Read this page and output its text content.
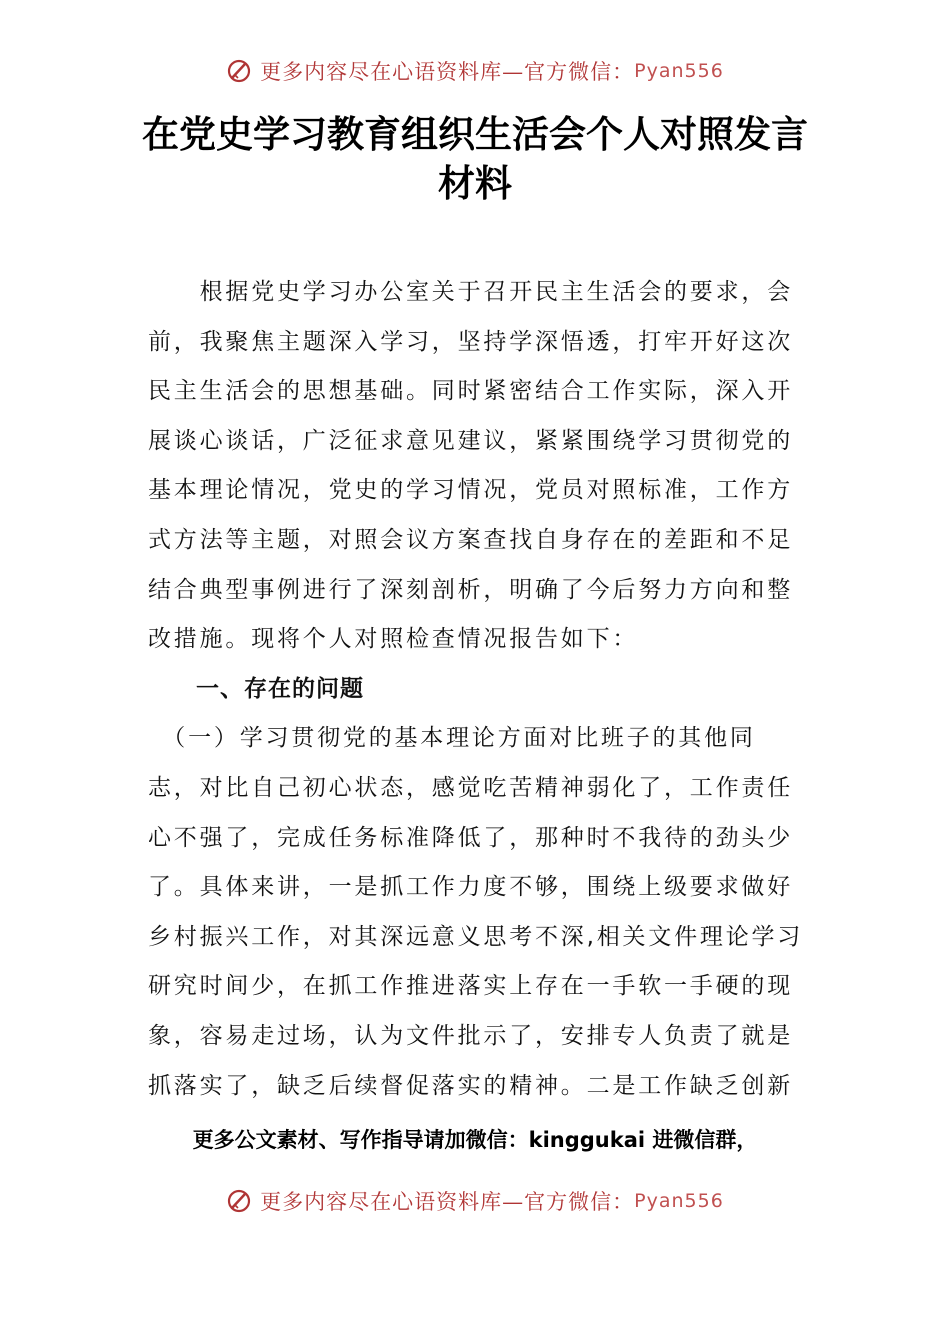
更多内容尽在心语资料库—官方微信： Pyan556
在党史学习教育组织生活会个人对照发言
材料
　　根据党史学习办公室关于召开民主生活会的要求，会
前，我聚焦主题深入学习，坚持学深悟透，打牢开好这次
民主生活会的思想基础。同时紧密结合工作实际，深入开
展谈心谈话，广泛征求意见建议，紧紧围绕学习贯彻党的
基本理论情况，党史的学习情况，党员对照标准，工作方
式方法等主题，对照会议方案查找自身存在的差距和不足
结合典型事例进行了深刻剖析，明确了今后努力方向和整
改措施。现将个人对照检查情况报告如下：
　　一、存在的问题
　（一）学习贯彻党的基本理论方面对比班子的其他同
志，对比自己初心状态，感觉吃苦精神弱化了，工作责任
心不强了，完成任务标准降低了，那种时不我待的劲头少
了。具体来讲，一是抓工作力度不够，围绕上级要求做好
乡村振兴工作，对其深远意义思考不深,相关文件理论学习
研究时间少，在抓工作推进落实上存在一手软一手硬的现
象，容易走过场，认为文件批示了，安排专人负责了就是
抓落实了，缺乏后续督促落实的精神。二是工作缺乏创新
更多公文素材、写作指导请加微信：kinggukai 进微信群，
更多内容尽在心语资料库—官方微信： Pyan556
